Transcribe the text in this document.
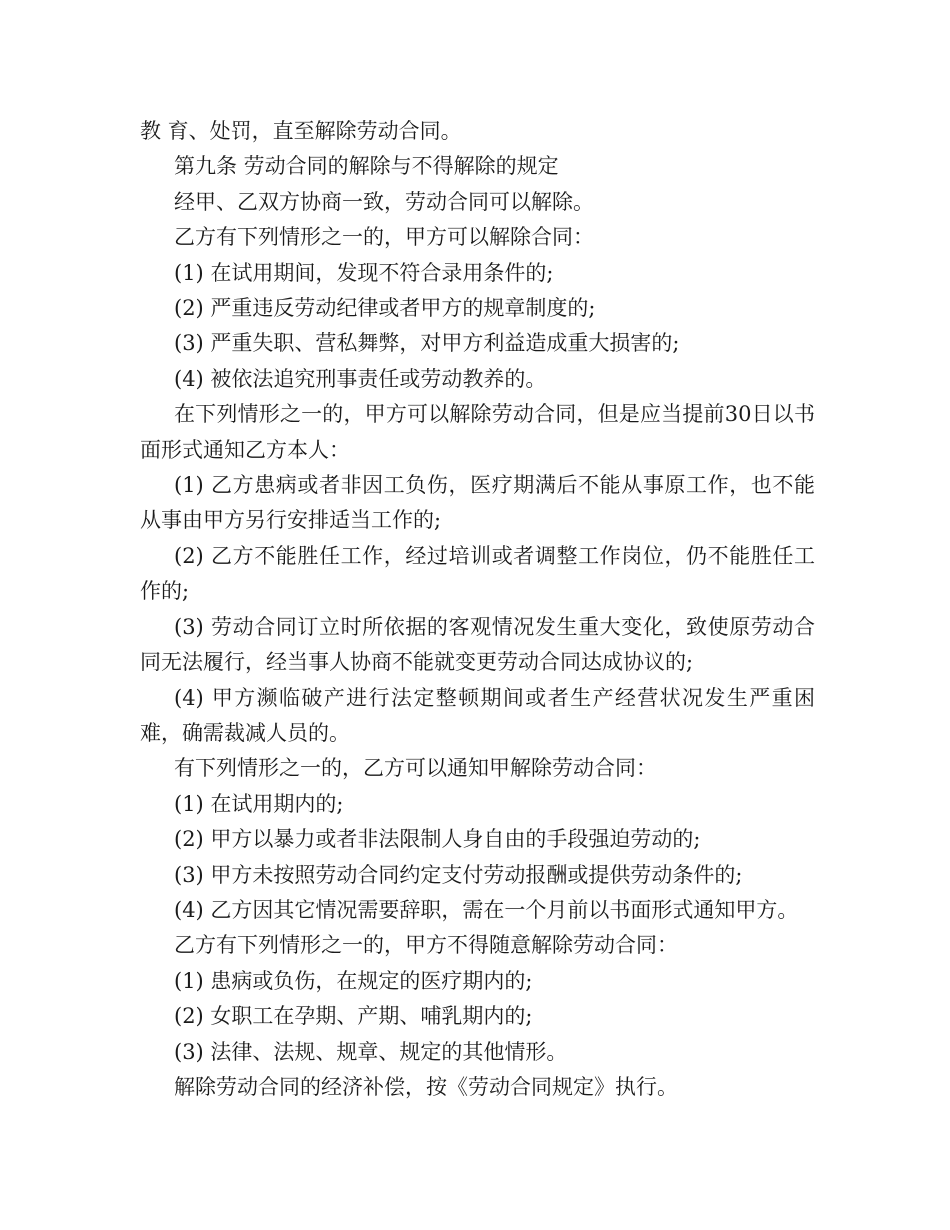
教 育、处罚，直至解除劳动合同。

第九条 劳动合同的解除与不得解除的规定

经甲、乙双方协商一致，劳动合同可以解除。

乙方有下列情形之一的，甲方可以解除合同：

(1) 在试用期间，发现不符合录用条件的;

(2) 严重违反劳动纪律或者甲方的规章制度的;

(3) 严重失职、营私舞弊，对甲方利益造成重大损害的;

(4) 被依法追究刑事责任或劳动教养的。

在下列情形之一的，甲方可以解除劳动合同，但是应当提前30日以书面形式通知乙方本人：

(1) 乙方患病或者非因工负伤，医疗期满后不能从事原工作，也不能从事由甲方另行安排适当工作的;

(2) 乙方不能胜任工作，经过培训或者调整工作岗位，仍不能胜任工作的;

(3) 劳动合同订立时所依据的客观情况发生重大变化，致使原劳动合同无法履行，经当事人协商不能就变更劳动合同达成协议的;

(4) 甲方濒临破产进行法定整顿期间或者生产经营状况发生严重困难，确需裁减人员的。

有下列情形之一的，乙方可以通知甲解除劳动合同：

(1) 在试用期内的;

(2) 甲方以暴力或者非法限制人身自由的手段强迫劳动的;

(3) 甲方未按照劳动合同约定支付劳动报酬或提供劳动条件的;

(4) 乙方因其它情况需要辞职，需在一个月前以书面形式通知甲方。

乙方有下列情形之一的，甲方不得随意解除劳动合同：

(1) 患病或负伤，在规定的医疗期内的;

(2) 女职工在孕期、产期、哺乳期内的;

(3) 法律、法规、规章、规定的其他情形。

解除劳动合同的经济补偿，按《劳动合同规定》执行。
